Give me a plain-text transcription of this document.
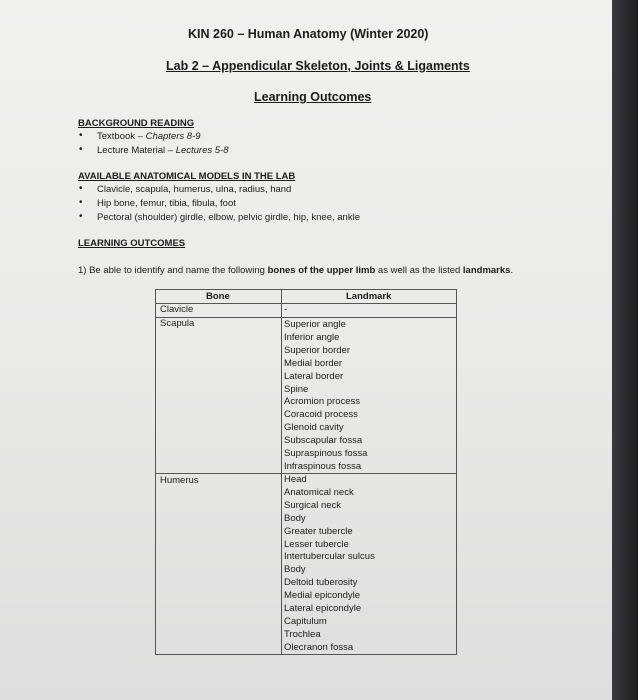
KIN 260 – Human Anatomy (Winter 2020)
Lab 2 – Appendicular Skeleton, Joints & Ligaments
Learning Outcomes
BACKGROUND READING
• Textbook – Chapters 8-9
• Lecture Material – Lectures 5-8
AVAILABLE ANATOMICAL MODELS IN THE LAB
• Clavicle, scapula, humerus, ulna, radius, hand
• Hip bone, femur, tibia, fibula, foot
• Pectoral (shoulder) girdle, elbow, pelvic girdle, hip, knee, ankle
LEARNING OUTCOMES
1) Be able to identify and name the following bones of the upper limb as well as the listed landmarks.
Bone	Landmark
Clavicle	-
Scapula	Superior angle
Inferior angle
Superior border
Medial border
Lateral border
Spine
Acromion process
Coracoid process
Glenoid cavity
Subscapular fossa
Supraspinous fossa
Infraspinous fossa
Humerus	Head
Anatomical neck
Surgical neck
Body
Greater tubercle
Lesser tubercle
Intertubercular sulcus
Body
Deltoid tuberosity
Medial epicondyle
Lateral epicondyle
Capitulum
Trochlea
Olecranon fossa
